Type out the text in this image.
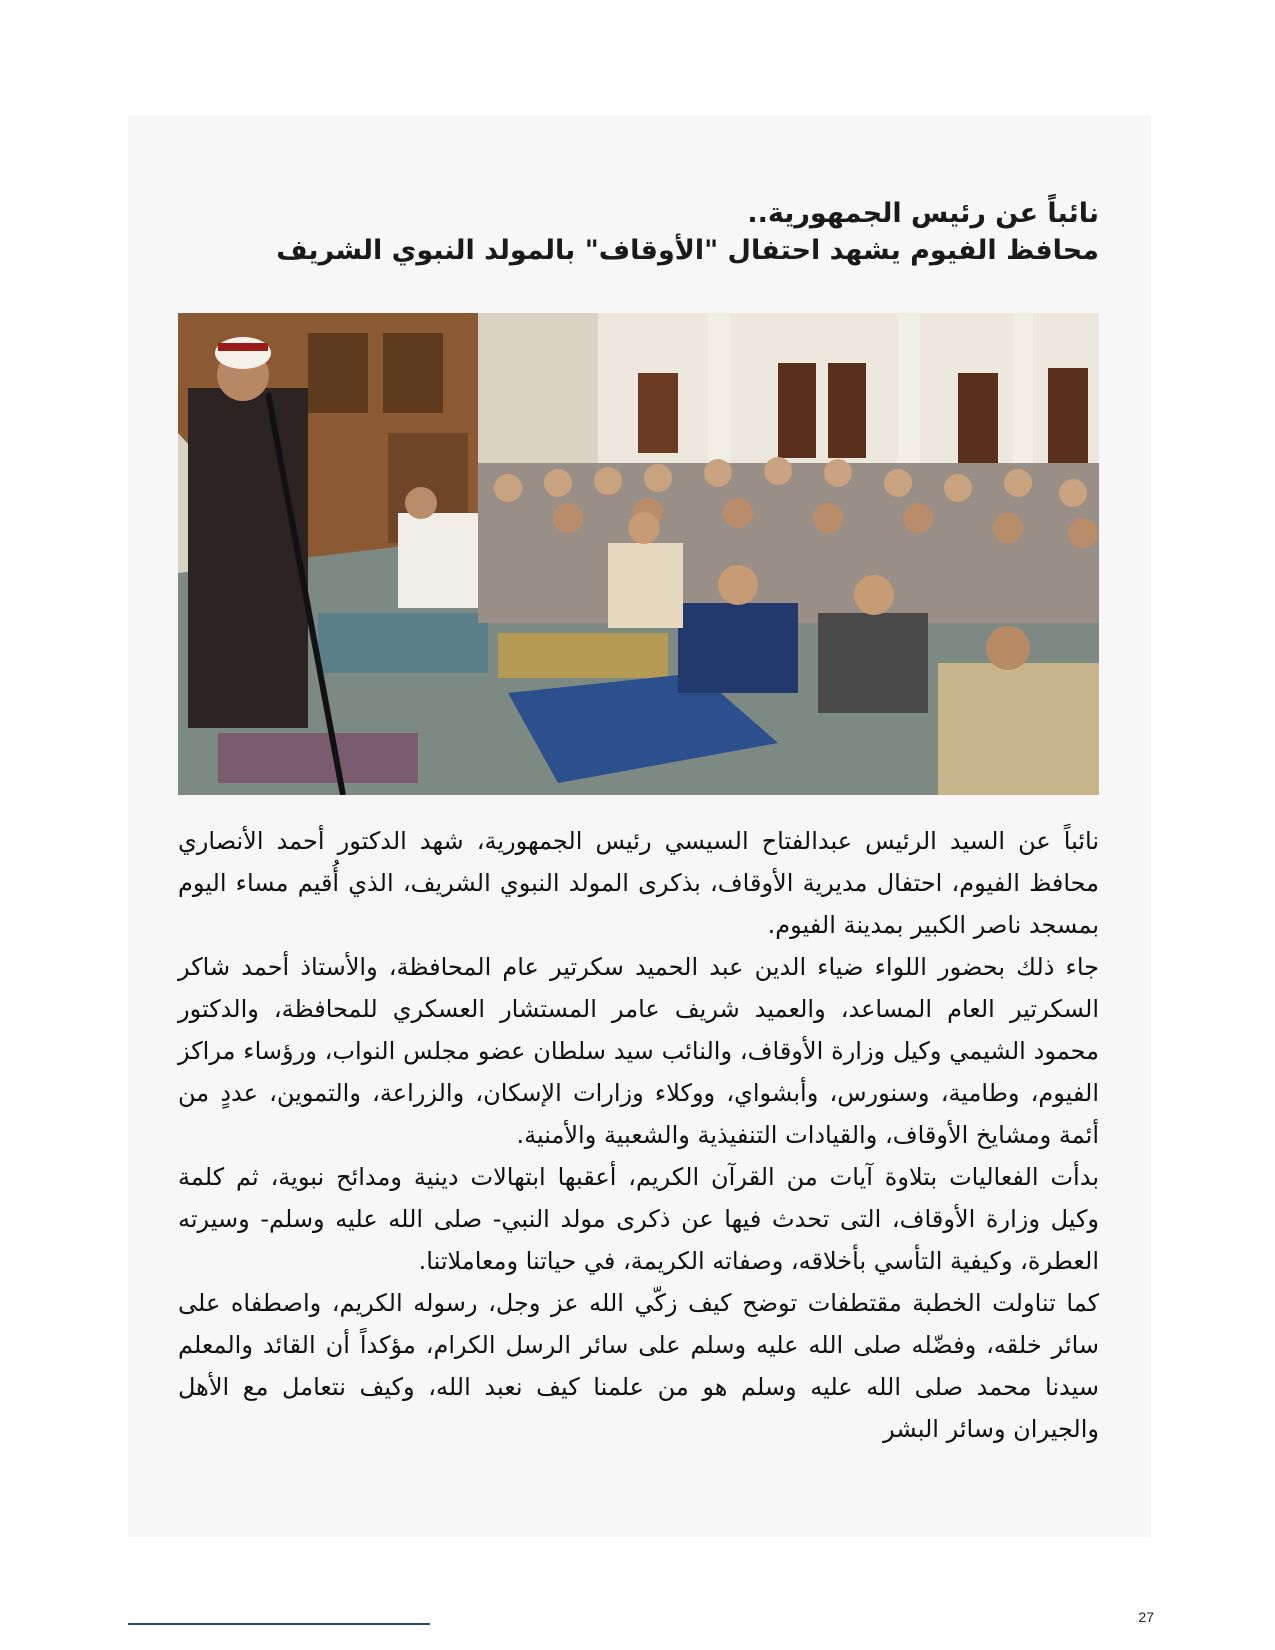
نائباً عن رئيس الجمهورية..
محافظ الفيوم يشهد احتفال "الأوقاف" بالمولد النبوي الشريف

نائباً عن السيد الرئيس عبدالفتاح السيسي رئيس الجمهورية، شهد الدكتور أحمد الأنصاري محافظ الفيوم، احتفال مديرية الأوقاف، بذكرى المولد النبوي الشريف، الذي أُقيم مساء اليوم بمسجد ناصر الكبير بمدينة الفيوم.

جاء ذلك بحضور اللواء ضياء الدين عبد الحميد سكرتير عام المحافظة، والأستاذ أحمد شاكر السكرتير العام المساعد، والعميد شريف عامر المستشار العسكري للمحافظة، والدكتور محمود الشيمي وكيل وزارة الأوقاف، والنائب سيد سلطان عضو مجلس النواب، ورؤساء مراكز الفيوم، وطامية، وسنورس، وأبشواي، ووكلاء وزارات الإسكان، والزراعة، والتموين، عددٍ من أئمة ومشايخ الأوقاف، والقيادات التنفيذية والشعبية والأمنية.

بدأت الفعاليات بتلاوة آيات من القرآن الكريم، أعقبها ابتهالات دينية ومدائح نبوية، ثم كلمة وكيل وزارة الأوقاف، التى تحدث فيها عن ذكرى مولد النبي- صلى الله عليه وسلم- وسيرته العطرة، وكيفية التأسي بأخلاقه، وصفاته الكريمة، في حياتنا ومعاملاتنا.

كما تناولت الخطبة مقتطفات توضح كيف زكّي الله عز وجل، رسوله الكريم، واصطفاه على سائر خلقه، وفضّله صلى الله عليه وسلم على سائر الرسل الكرام، مؤكداً أن القائد والمعلم سيدنا محمد صلى الله عليه وسلم هو من علمنا كيف نعبد الله، وكيف نتعامل مع الأهل والجيران وسائر البشر

27
